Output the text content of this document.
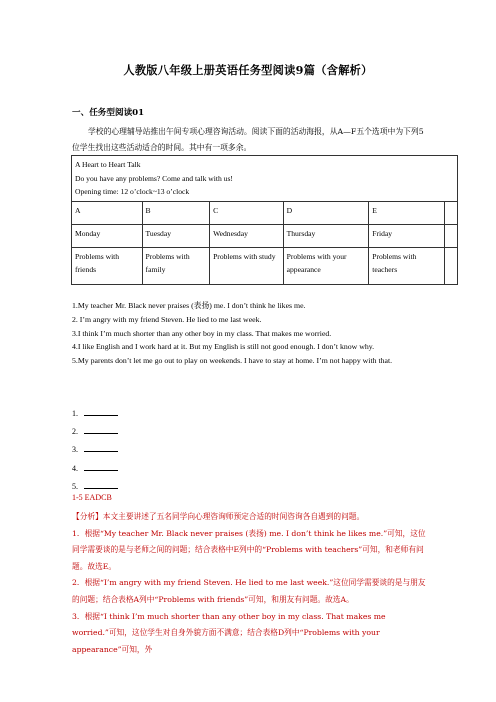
人教版八年级上册英语任务型阅读9篇（含解析）
一、任务型阅读01
学校的心理辅导站推出午间专项心理咨询活动。阅读下面的活动海报，从A—F五个选项中为下列5位学生找出这些活动适合的时间。其中有一项多余。
A Heart to Heart Talk
Do you have any problems? Come and talk with us!
Opening time: 12 o’clock~13 o’clock					

A	B	C	D	E	
Monday	Tuesday	Wednesday	Thursday	Friday	
Problems with friends	Problems with family	Problems with study	Problems with your appearance	Problems with teachers	

1.My teacher Mr. Black never praises (表扬) me. I don’t think he likes me.

2. I’m angry with my friend Steven. He lied to me last week.

3.I think I’m much shorter than any other boy in my class. That makes me worried.

4.I like English and I work hard at it. But my English is still not good enough. I don’t know why.

5.My parents don’t let me go out to play on weekends. I have to stay at home. I’m not happy with that.

1.
2.
3.
4.
5.
1-5 EADCB

【分析】本文主要讲述了五名同学向心理咨询师预定合适的时间咨询各自遇到的问题。

1．根据“My teacher Mr. Black never praises (表扬) me. I don’t think he likes me.”可知，这位同学需要谈的是与老师之间的问题；结合表格中E列中的“Problems with teachers”可知，和老师有问题。故选E。

2．根据“I’m angry with my friend Steven. He lied to me last week.”这位同学需要谈的是与朋友的问题；结合表格A列中“Problems with friends”可知，和朋友有问题。故选A。

3．根据“I think I’m much shorter than any other boy in my class. That makes me worried.”可知，这位学生对自身外貌方面不满意；结合表格D列中“Problems with your appearance”可知，外
